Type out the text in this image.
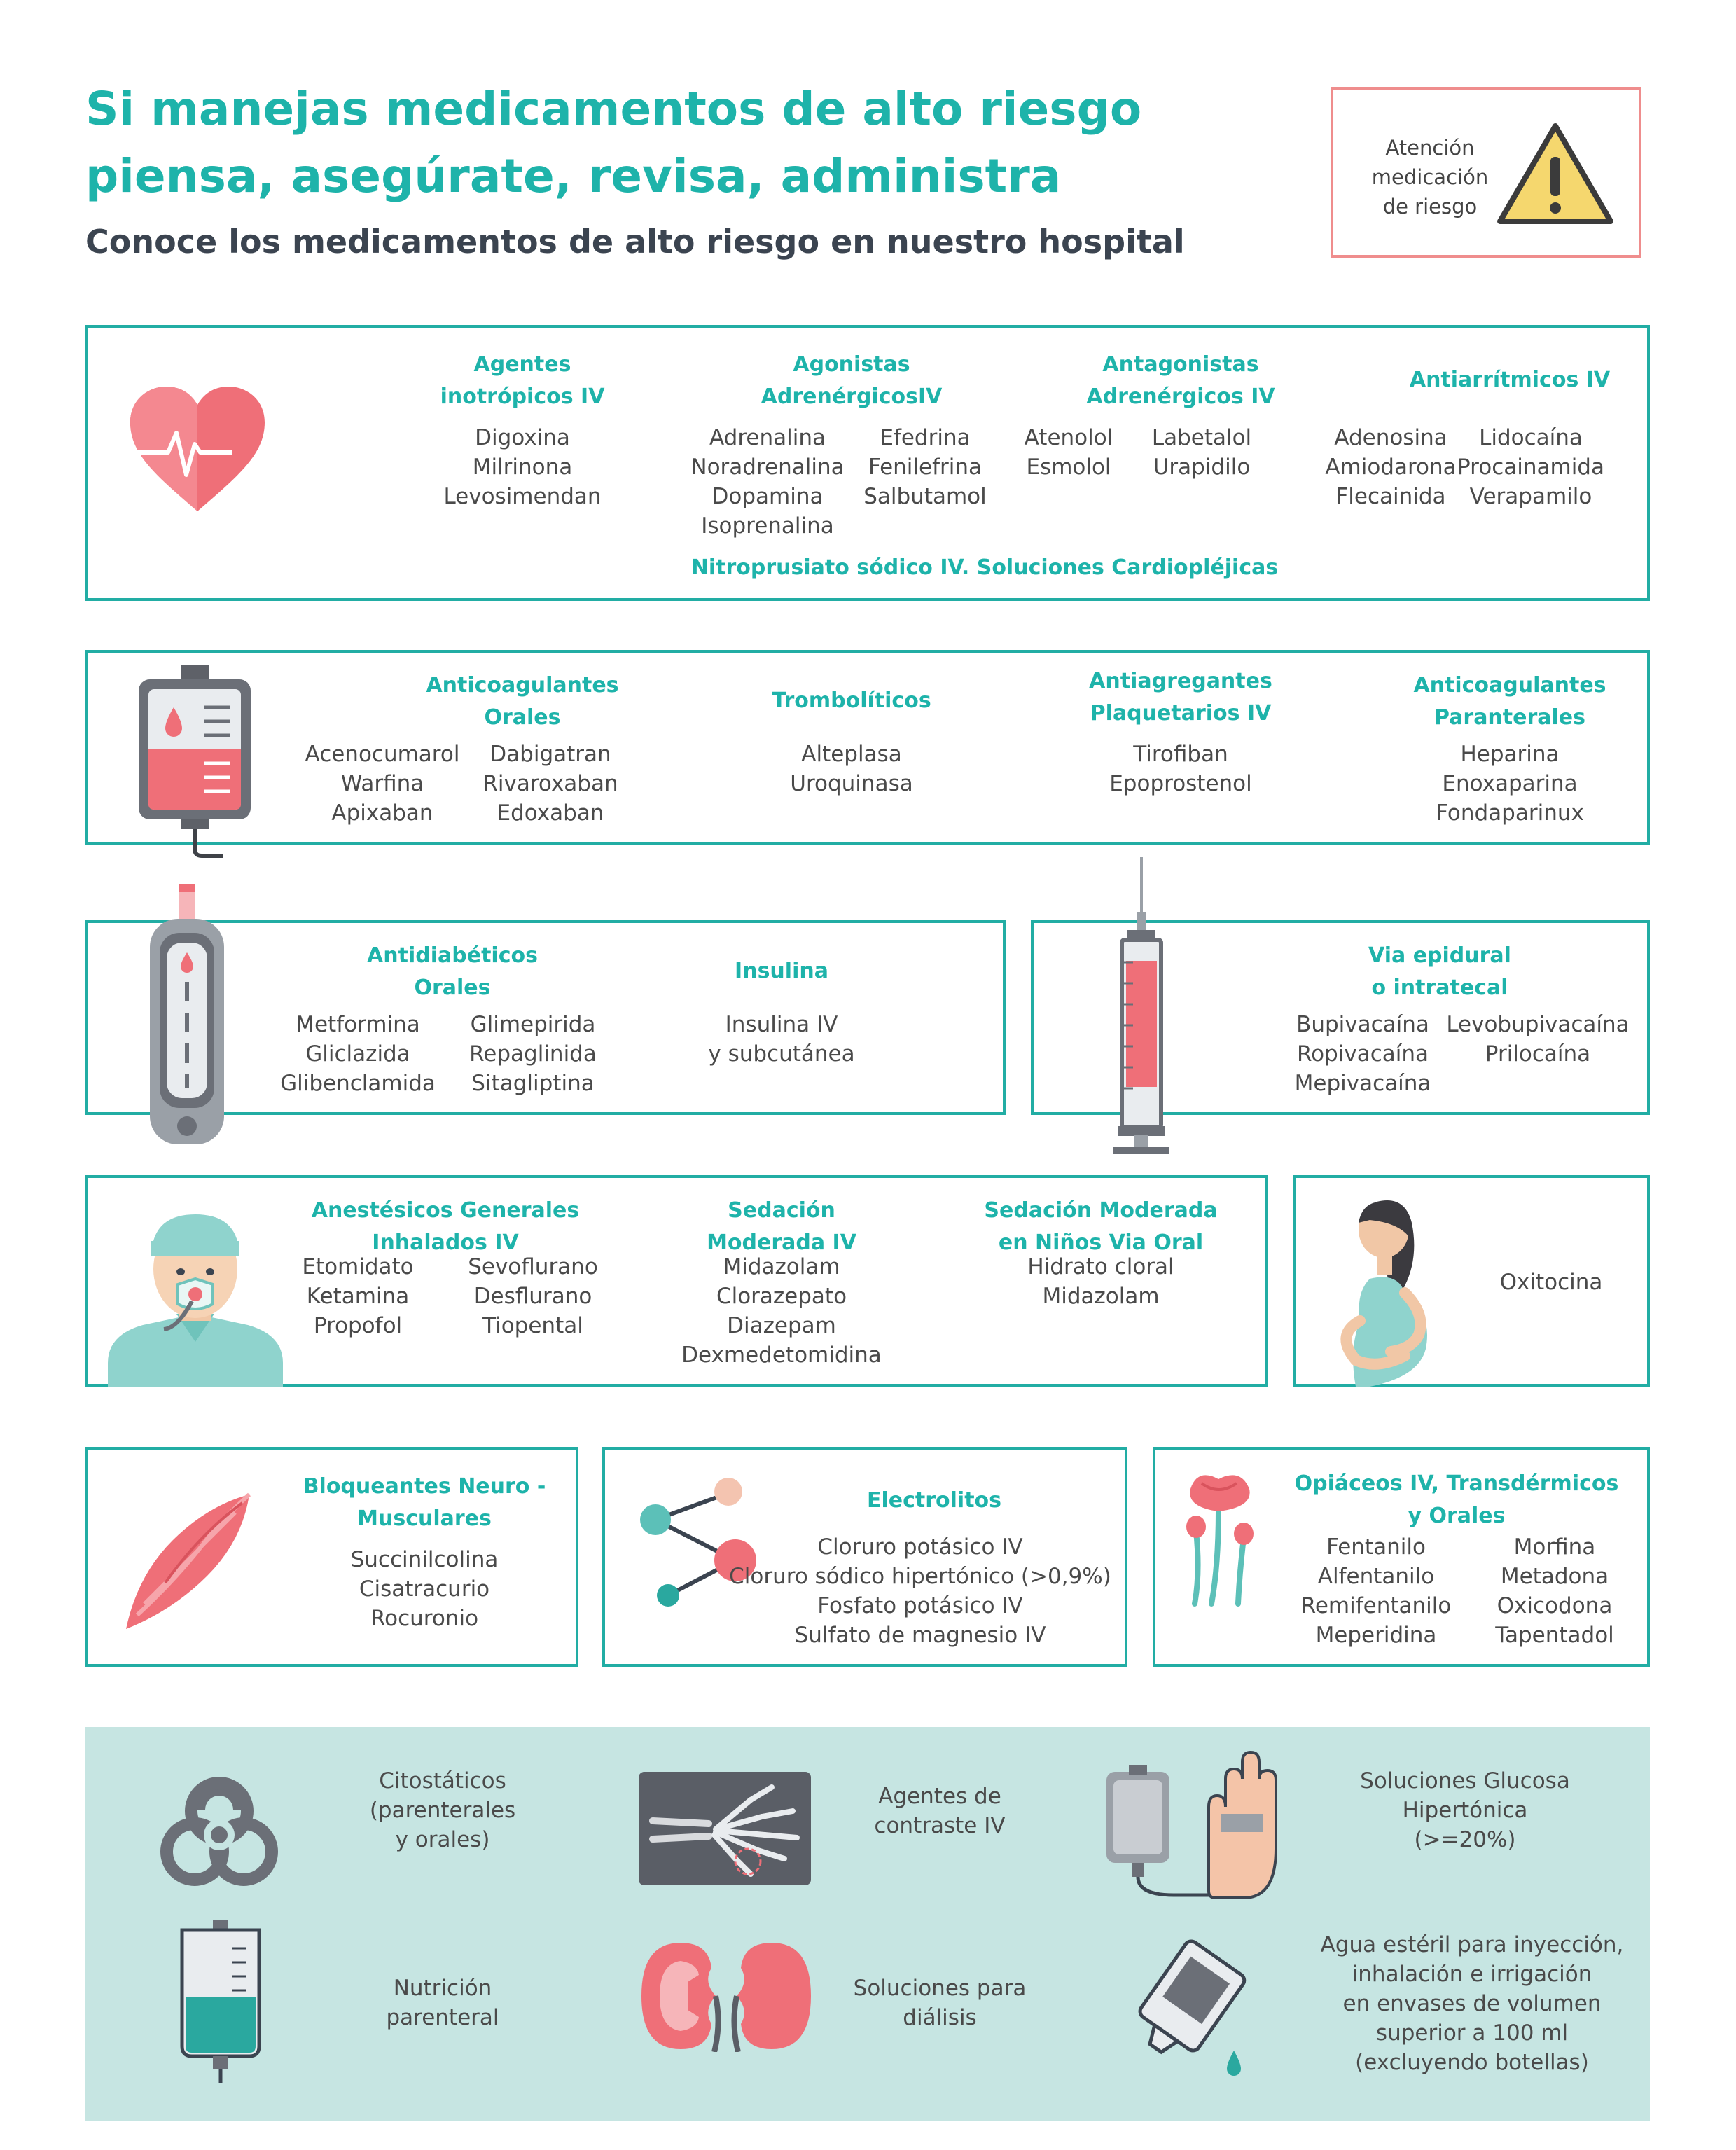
Si manejas medicamentos de alto riesgo
piensa, asegúrate, revisa, administra
Conoce los medicamentos de alto riesgo en nuestro hospital
Atención
medicación
de riesgo
Agentes
inotrópicos IV
Digoxina
Milrinona
Levosimendan
Agonistas
AdrenérgicosIV
Adrenalina
Noradrenalina
Dopamina
Isoprenalina
Efedrina
Fenilefrina
Salbutamol
Antagonistas
Adrenérgicos IV
Atenolol
Esmolol
Labetalol
Urapidilo
Antiarrítmicos IV
Adenosina
Amiodarona
Flecainida
Lidocaína
Procainamida
Verapamilo
Nitroprusiato sódico IV. Soluciones Cardiopléjicas
Anticoagulantes
Orales
Acenocumarol
Warfina
Apixaban
Dabigatran
Rivaroxaban
Edoxaban
Trombolíticos
Alteplasa
Uroquinasa
Antiagregantes
Plaquetarios IV
Tirofiban
Epoprostenol
Anticoagulantes
Paranterales
Heparina
Enoxaparina
Fondaparinux
Antidiabéticos
Orales
Metformina
Gliclazida
Glibenclamida
Glimepirida
Repaglinida
Sitagliptina
Insulina
Insulina IV
y subcutánea
Via epidural
o intratecal
Bupivacaína
Ropivacaína
Mepivacaína
Levobupivacaína
Prilocaína
Anestésicos Generales
Inhalados IV
Etomidato
Ketamina
Propofol
Sevoflurano
Desflurano
Tiopental
Sedación
Moderada IV
Midazolam
Clorazepato
Diazepam
Dexmedetomidina
Sedación Moderada
en Niños Via Oral
Hidrato cloral
Midazolam
Oxitocina
Bloqueantes Neuro -
Musculares
Succinilcolina
Cisatracurio
Rocuronio
Electrolitos
Cloruro potásico IV
Cloruro sódico hipertónico (>0,9%)
Fosfato potásico IV
Sulfato de magnesio IV
Opiáceos IV, Transdérmicos
y Orales
Fentanilo
Alfentanilo
Remifentanilo
Meperidina
Morfina
Metadona
Oxicodona
Tapentadol
Citostáticos
(parenterales
y orales)
Agentes de
contraste IV
Soluciones Glucosa
Hipertónica
(>=20%)
Nutrición
parenteral
Soluciones para
diálisis
Agua estéril para inyección,
inhalación e irrigación
en envases de volumen
superior a 100 ml
(excluyendo botellas)
